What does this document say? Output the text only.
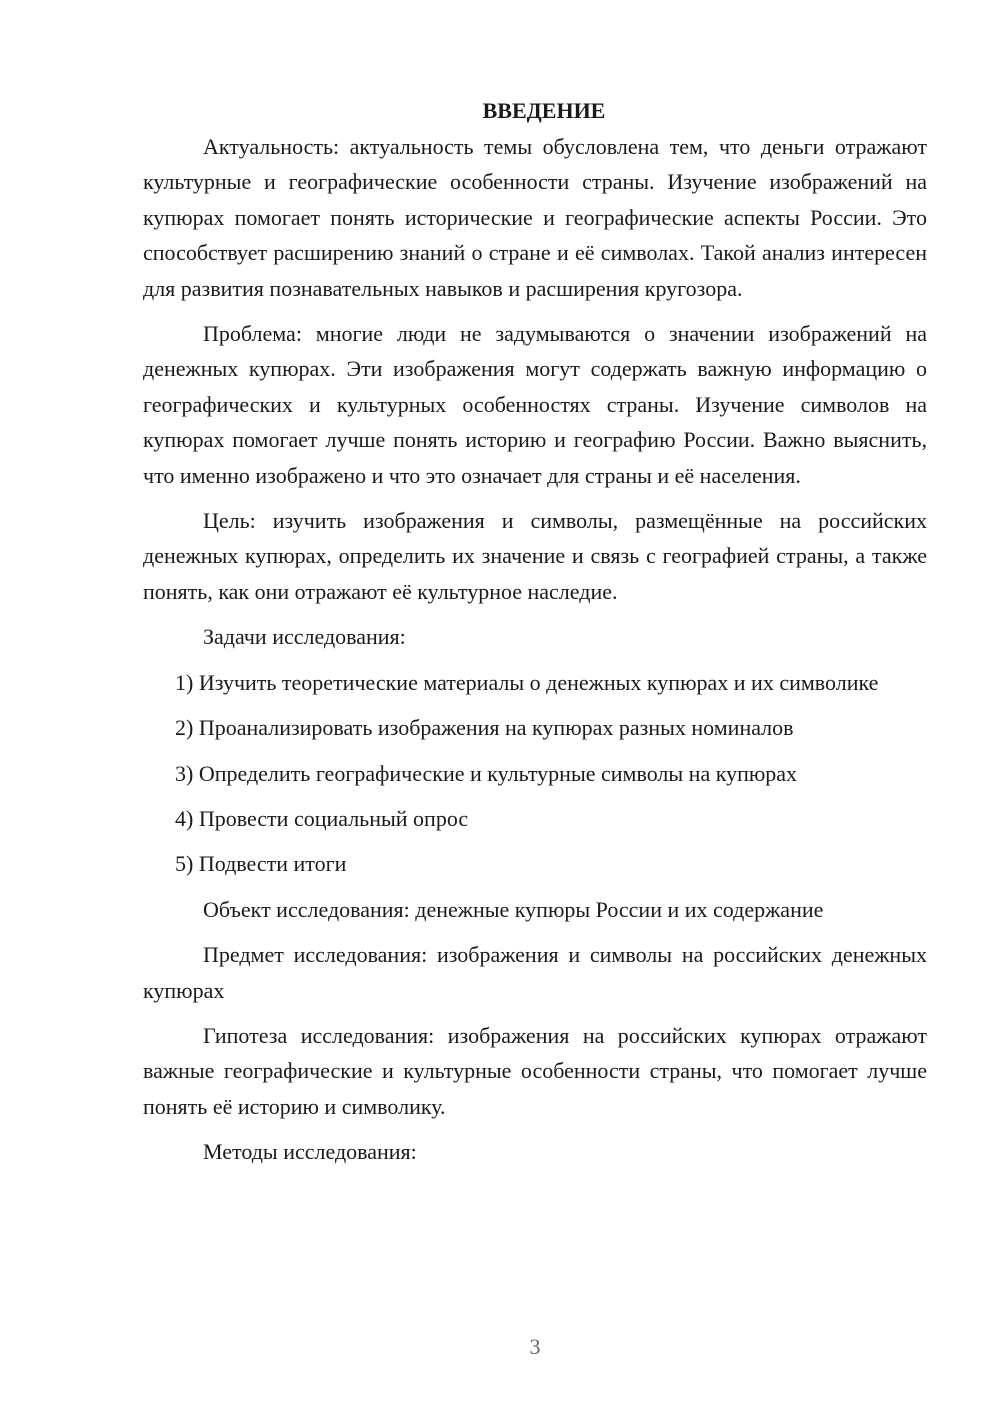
ВВЕДЕНИЕ

Актуальность: актуальность темы обусловлена тем, что деньги отражают культурные и географические особенности страны. Изучение изображений на купюрах помогает понять исторические и географические аспекты России. Это способствует расширению знаний о стране и её символах. Такой анализ интересен для развития познавательных навыков и расширения кругозора.

Проблема: многие люди не задумываются о значении изображений на денежных купюрах. Эти изображения могут содержать важную информацию о географических и культурных особенностях страны. Изучение символов на купюрах помогает лучше понять историю и географию России. Важно выяснить, что именно изображено и что это означает для страны и её населения.

Цель: изучить изображения и символы, размещённые на российских денежных купюрах, определить их значение и связь с географией страны, а также понять, как они отражают её культурное наследие.

Задачи исследования:

1) Изучить теоретические материалы о денежных купюрах и их символике

2) Проанализировать изображения на купюрах разных номиналов

3) Определить географические и культурные символы на купюрах

4) Провести социальный опрос

5) Подвести итоги

Объект исследования: денежные купюры России и их содержание

Предмет исследования: изображения и символы на российских денежных купюрах

Гипотеза исследования: изображения на российских купюрах отражают важные географические и культурные особенности страны, что помогает лучше понять её историю и символику.

Методы исследования:

3
